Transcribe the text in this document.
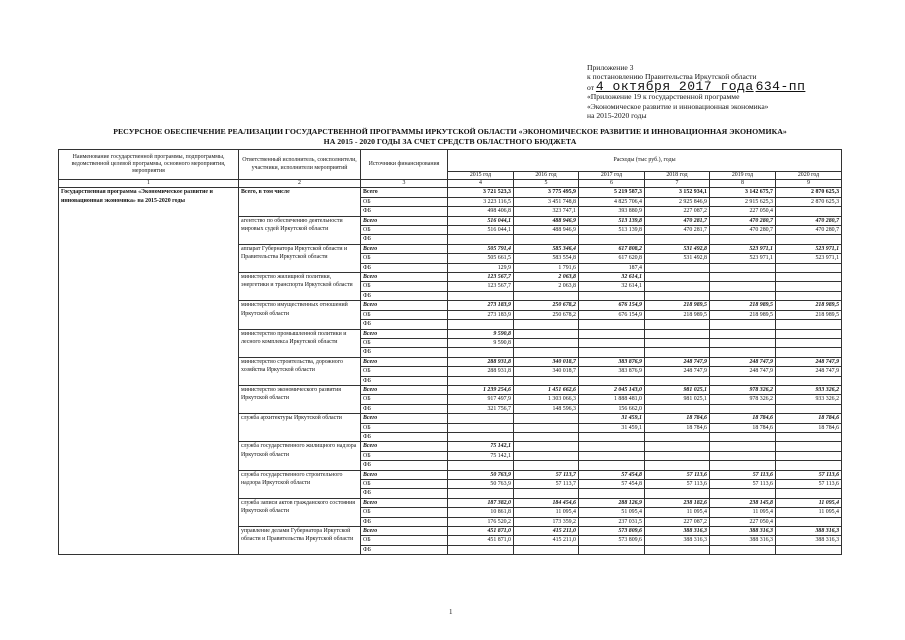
Приложение 3
к постановлению Правительства Иркутской области
от 4 октября 2017 года 634-пп
«Приложение 19 к государственной программе
«Экономическое развитие и инновационная экономика»
на 2015-2020 годы
РЕСУРСНОЕ ОБЕСПЕЧЕНИЕ РЕАЛИЗАЦИИ ГОСУДАРСТВЕННОЙ ПРОГРАММЫ ИРКУТСКОЙ ОБЛАСТИ «ЭКОНОМИЧЕСКОЕ РАЗВИТИЕ И ИННОВАЦИОННАЯ ЭКОНОМИКА»
НА 2015 - 2020 ГОДЫ ЗА СЧЕТ СРЕДСТВ ОБЛАСТНОГО БЮДЖЕТА
Наименование государственной программы, подпрограммы, ведомственной целевой программы, основного мероприятия, мероприятия	Ответственный исполнитель, соисполнители, участники, исполнители мероприятий	Источники финансирования	Расходы (тыс руб.), годы					
			2015 год	2016 год	2017 год	2018 год	2019 год	2020 год
1	2	3	4	5	6	7	8	9
Государственная программа «Экономическое развитие и инновационная экономика» на 2015-2020 годы	Всего, в том числе	Всего	3 721 523,3	3 775 495,9	5 219 587,3	3 152 934,1	3 142 675,7	2 870 625,3
		ОБ	3 223 116,5	3 451 748,8	4 825 706,4	2 925 846,9	2 915 625,3	2 870 625,3
		ФБ	498 406,8	323 747,1	393 880,9	227 087,2	227 050,4	
	агентство по обеспечению деятельности мировых судей Иркутской области	Всего	516 044,1	488 946,9	513 139,8	470 281,7	470 280,7	470 280,7
		ОБ	516 044,1	488 946,9	513 139,8	470 281,7	470 280,7	470 280,7
		ФБ						
	аппарат Губернатора Иркутской области и Правительства Иркутской области	Всего	505 791,4	585 346,4	617 808,2	531 492,8	523 971,1	523 971,1
		ОБ	505 661,5	583 554,8	617 620,8	531 492,8	523 971,1	523 971,1
		ФБ	129,9	1 791,6	187,4			
	министерство жилищной политики, энергетики и транспорта Иркутской области	Всего	123 567,7	2 063,8	32 614,1			
		ОБ	123 567,7	2 063,8	32 614,1			
		ФБ						
	министерство имущественных отношений Иркутской области	Всего	273 183,9	250 678,2	676 154,9	218 989,5	218 989,5	218 989,5
		ОБ	273 183,9	250 678,2	676 154,9	218 989,5	218 989,5	218 989,5
		ФБ						
	министерство промышленной политики и лесного комплекса Иркутской области	Всего	9 590,8					
		ОБ	9 590,8					
		ФБ						
	министерство строительства, дорожного хозяйства Иркутской области	Всего	288 931,8	340 018,7	383 876,9	248 747,9	248 747,9	248 747,9
		ОБ	288 931,8	340 018,7	383 876,9	248 747,9	248 747,9	248 747,9
		ФБ						
	министерство экономического развития Иркутской области	Всего	1 239 254,6	1 451 662,6	2 045 143,0	981 025,1	978 326,2	933 326,2
		ОБ	917 497,9	1 303 066,3	1 888 481,0	981 025,1	978 326,2	933 326,2
		ФБ	321 756,7	148 596,3	156 662,0			
	служба архитектуры Иркутской области	Всего			31 459,1	18 784,6	18 784,6	18 784,6
		ОБ			31 459,1	18 784,6	18 784,6	18 784,6
		ФБ						
	служба государственного жилищного надзора Иркутской области	Всего	75 142,1					
		ОБ	75 142,1					
		ФБ						
	служба государственного строительного надзора Иркутской области	Всего	50 763,9	57 113,7	57 454,8	57 113,6	57 113,6	57 113,6
		ОБ	50 763,9	57 113,7	57 454,8	57 113,6	57 113,6	57 113,6
		ФБ						
	служба записи актов гражданского состояния Иркутской области	Всего	187 382,0	184 454,6	288 126,9	238 182,6	238 145,8	11 095,4
		ОБ	10 861,8	11 095,4	51 095,4	11 095,4	11 095,4	11 095,4
		ФБ	176 520,2	173 359,2	237 031,5	227 087,2	227 050,4	
	управление делами Губернатора Иркутской области и Правительства Иркутской области	Всего	451 871,0	415 211,0	573 809,6	388 316,3	388 316,3	388 316,3
		ОБ	451 871,0	415 211,0	573 809,6	388 316,3	388 316,3	388 316,3
		ФБ						
1
